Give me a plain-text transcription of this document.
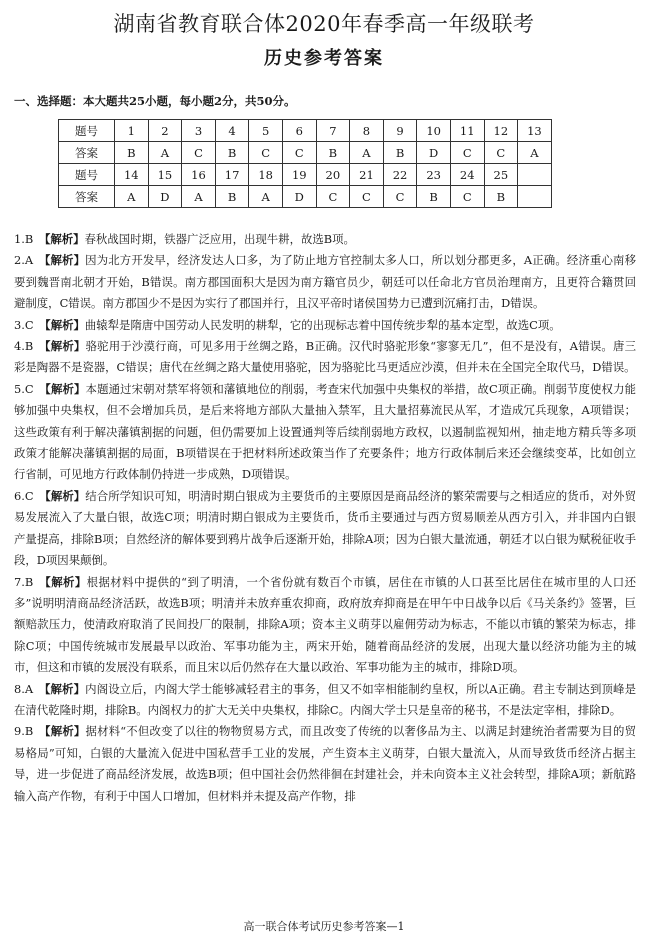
湖南省教育联合体2020年春季高一年级联考
历史参考答案
一、选择题：本大题共25小题，每小题2分，共50分。
题号	1	2	3	4	5	6	7	8	9	10	11	12	13
答案	B	A	C	B	C	C	B	A	B	D	C	C	A
题号	14	15	16	17	18	19	20	21	22	23	24	25	
答案	A	D	A	B	A	D	C	C	C	B	C	B	
1.B  【解析】春秋战国时期，铁器广泛应用，出现牛耕，故选B项。
2.A  【解析】因为北方开发早，经济发达人口多，为了防止地方官控制太多人口，所以划分郡更多，A正确。经济重心南移要到魏晋南北朝才开始，B错误。南方郡国面积大是因为南方籍官员少，朝廷可以任命北方官员治理南方，且更符合籍贯回避制度，C错误。南方郡国少不是因为实行了郡国并行，且汉平帝时诸侯国势力已遭到沉痛打击，D错误。
3.C  【解析】曲辕犁是隋唐中国劳动人民发明的耕犁，它的出现标志着中国传统步犁的基本定型，故选C项。
4.B  【解析】骆驼用于沙漠行商，可见多用于丝绸之路，B正确。汉代时骆驼形象“寥寥无几”，但不是没有，A错误。唐三彩是陶器不是瓷器，C错误；唐代在丝绸之路大量使用骆驼，因为骆驼比马更适应沙漠，但并未在全国完全取代马，D错误。
5.C  【解析】本题通过宋朝对禁军将领和藩镇地位的削弱，考查宋代加强中央集权的举措，故C项正确。削弱节度使权力能够加强中央集权，但不会增加兵员，是后来将地方部队大量抽入禁军，且大量招募流民从军，才造成冗兵现象，A项错误；这些政策有利于解决藩镇割据的问题，但仍需要加上设置通判等后续削弱地方政权，以遏制监视知州，抽走地方精兵等多项政策才能解决藩镇割据的局面，B项错误在于把材料所述政策当作了充要条件；地方行政体制后来还会继续变革，比如创立行省制，可见地方行政体制仍持进一步成熟，D项错误。
6.C  【解析】结合所学知识可知，明清时期白银成为主要货币的主要原因是商品经济的繁荣需要与之相适应的货币，对外贸易发展流入了大量白银，故选C项；明清时期白银成为主要货币，货币主要通过与西方贸易顺差从西方引入，并非国内白银产量提高，排除B项；自然经济的解体要到鸦片战争后逐渐开始，排除A项；因为白银大量流通，朝廷才以白银为赋税征收手段，D项因果颠倒。
7.B  【解析】根据材料中提供的“到了明清，一个省份就有数百个市镇，居住在市镇的人口甚至比居住在城市里的人口还多”说明明清商品经济活跃，故选B项；明清并未放弃重农抑商，政府放弃抑商是在甲午中日战争以后《马关条约》签署，巨额赔款压力，使清政府取消了民间投厂的限制，排除A项；资本主义萌芽以雇佣劳动为标志，不能以市镇的繁荣为标志，排除C项；中国传统城市发展最早以政治、军事功能为主，两宋开始，随着商品经济的发展，出现大量以经济功能为主的城市，但这和市镇的发展没有联系，而且宋以后仍然存在大量以政治、军事功能为主的城市，排除D项。
8.A  【解析】内阁设立后，内阁大学士能够减轻君主的事务，但又不如宰相能制约皇权，所以A正确。君主专制达到顶峰是在清代乾隆时期，排除B。内阁权力的扩大无关中央集权，排除C。内阁大学士只是皇帝的秘书，不是法定宰相，排除D。
9.B  【解析】据材料“不但改变了以往的物物贸易方式，而且改变了传统的以奢侈品为主、以满足封建统治者需要为目的贸易格局”可知，白银的大量流入促进中国私营手工业的发展，产生资本主义萌芽，白银大量流入，从而导致货币经济占据主导，进一步促进了商品经济发展，故选B项；但中国社会仍然徘徊在封建社会，并未向资本主义社会转型，排除A项；新航路输入高产作物，有利于中国人口增加，但材料并未提及高产作物，排
高一联合体考试历史参考答案—1
